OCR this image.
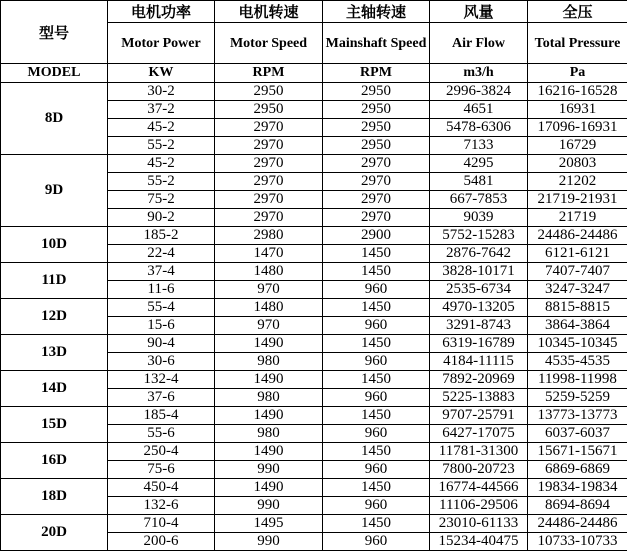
型号	电机功率	电机转速	主轴转速	风量	全压
	Motor Power	Motor Speed	Mainshaft Speed	Air Flow	Total Pressure
MODEL	KW	RPM	RPM	m3/h	Pa
8D	30-2	2950	2950	2996-3824	16216-16528
	37-2	2950	2950	4651	16931
	45-2	2970	2950	5478-6306	17096-16931
	55-2	2970	2950	7133	16729
9D	45-2	2970	2970	4295	20803
	55-2	2970	2970	5481	21202
	75-2	2970	2970	667-7853	21719-21931
	90-2	2970	2970	9039	21719
10D	185-2	2980	2900	5752-15283	24486-24486
	22-4	1470	1450	2876-7642	6121-6121
11D	37-4	1480	1450	3828-10171	7407-7407
	11-6	970	960	2535-6734	3247-3247
12D	55-4	1480	1450	4970-13205	8815-8815
	15-6	970	960	3291-8743	3864-3864
13D	90-4	1490	1450	6319-16789	10345-10345
	30-6	980	960	4184-11115	4535-4535
14D	132-4	1490	1450	7892-20969	11998-11998
	37-6	980	960	5225-13883	5259-5259
15D	185-4	1490	1450	9707-25791	13773-13773
	55-6	980	960	6427-17075	6037-6037
16D	250-4	1490	1450	11781-31300	15671-15671
	75-6	990	960	7800-20723	6869-6869
18D	450-4	1490	1450	16774-44566	19834-19834
	132-6	990	960	11106-29506	8694-8694
20D	710-4	1495	1450	23010-61133	24486-24486
	200-6	990	960	15234-40475	10733-10733
